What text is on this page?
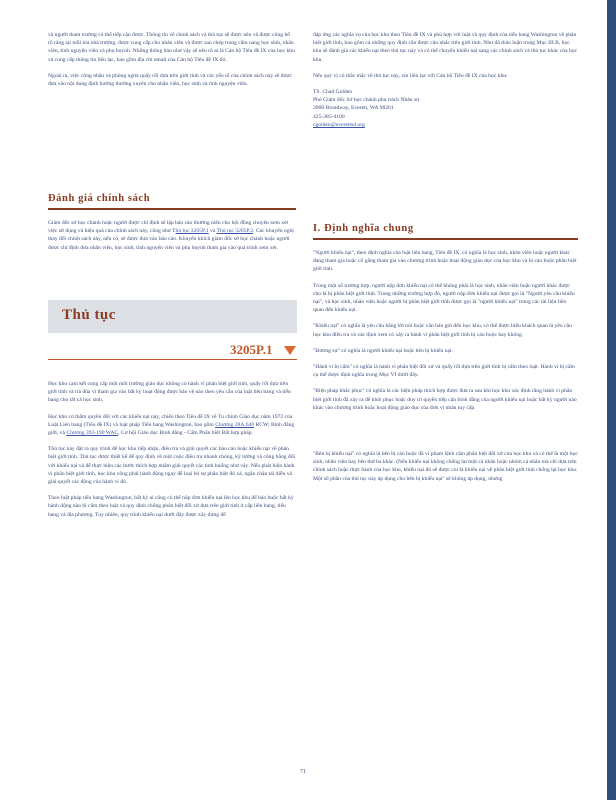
và người tham trường có thể tiếp cận được. Thông tin về chính sách và thủ tục sẽ được nêu và được công bố rõ ràng tại mỗi tòa nhà trường, được cung cấp cho nhân viên và được sao chép trong cẩm nang học sinh, nhân viên, tình nguyện viên và phụ huynh. Những thông báo như vậy sẽ nêu rõ ai là Cán bộ Tiêu đề IX của học khu và cung cấp thông tin liên lạc, bao gồm địa chỉ email của Cán bộ Tiêu đề IX đó.

Ngoài ra, việc công nhân và phòng ngừa quấy rối dựa trên giới tính và các yếu tố của chính sách này sẽ được đưa vào nội dung định hướng thường xuyên cho nhân viên, học sinh và tình nguyện viên.

Đánh giá chính sách

Giám đốc sở học chánh hoặc người được chỉ định sẽ lập báo cáo thường niên cho hội đồng chuyên xem xét việc sử dụng và hiệu quả của chính sách này, cũng như Thủ tục 3205P.1 và Thủ tục 3205P.2. Các khuyến nghị thay đổi chính sách này, nếu có, sẽ được đưa vào báo cáo. Khuyến khích giám đốc sở học chánh hoặc người được chỉ định đưa nhân viên, học sinh, tình nguyện viên và phụ huynh tham gia vào quá trình xem xét.

Thủ tục
3205P.1

Học khu cam kết cung cấp một môi trường giáo dục không có hành vi phân biệt giới tính, quấy rối dựa trên giới tính và trả đũa vì tham gia vào bất kỳ hoạt động được bảo vệ nào theo yêu cầu của luật liên bang và tiểu bang cho tất cả học sinh.

Học khu có thẩm quyền đối với các khiếu nại này, chiếu theo Tiêu đề IX về Tu chính Giáo dục năm 1972 của Luật Liên bang (Tiêu đề IX) và luật pháp Tiểu bang Washington, bao gồm Chương 28A.640 RCW; Bình đẳng giới, và Chương 392-190 WAC, Cơ hội Giáo dục Bình đẳng - Cấm Phân biệt Bất hợp pháp.

Thủ tục này đặt ra quy trình để học khu tiếp nhận, điều tra và giải quyết các báo cáo hoặc khiếu nại về phân biệt giới tính. Thủ tục được thiết kế để quy định về một cuộc điều tra nhanh chóng, kỹ lưỡng và công bằng đối với khiếu nại và để thực hiện các bước thích hợp nhằm giải quyết các tình huống như vậy. Nếu phát hiện hành vi phân biệt giới tính, học khu công phải hành động ngay để loại bỏ sự phân biệt đó xả, ngăn chặn tái diễn và giải quyết các động của hành vi đó.

Theo luật pháp tiểu bang Washington, bất kỳ ai cũng có thể nộp đơn khiếu nại lên học khu để báo buộc bất kỳ hành động nào bị cấm theo luật và quy định chống phân biệt đối xử dựa trên giới tính ở cấp liên bang, tiểu bang và địa phương. Tuy nhiên, quy trình khiếu nại dưới đây được xây dựng để

đáp ứng các nghĩa vụ của học khu theo Tiêu đề IX và phù hợp với luật và quy định của tiểu bang Washington về phân biệt giới tính, bao gồm cả những quy định cần được cân nhắc trên giới tính. Như đã thảo luận trong Mục III.B, học khu sẽ đánh giá các khiếu nại theo thủ tục này và có thể chuyển khiếu nại sang các chính sách và thủ tục khác của học khu.

Nếu quý vị có thắc mắc về thủ tục này, xin liên lạc với Cán bộ Tiêu đề IX của học khu:

TS. Chad Golden

Phó Giám đốc Sở học chánh phụ trách Nhân sự

3900 Broadway, Everett, WA 98201

425-385-4100

cgolden@everettsd.org

I. Định nghĩa chung

"Người khiếu nại", theo định nghĩa của luật liên bang, Tiêu đề IX, có nghĩa là học sinh, nhân viên hoặc người khác đang tham gia hoặc cố gắng tham gia vào chương trình hoặc hoạt động giáo dục của học khu và bị cáo buộc phân biệt giới tính.

Trong một số trường hợp, người nộp đơn khiếu nại có thể không phải là học sinh, nhân viên hoặc người khác được cho là bị phân biệt giới tính. Trong những trường hợp đó, người nộp đơn khiếu nại được gọi là "Người yêu cầu khiếu nại", và học sinh, nhân viên hoặc người bị phân biệt giới tính được gọi là "người khiếu nại" trong các tài liệu liên quan đến khiếu nại.

"Khiếu nại" có nghĩa là yêu cầu bằng lời nói hoặc văn bản gửi đến học khu, có thể được hiểu khách quan là yêu cầu học khu điều tra và xác định xem có xảy ra hành vi phân biệt giới tính bị cáo buộc hay không.

"Đương sự" có nghĩa là người khiếu nại hoặc bên bị khiếu nại.

"Hành vi bị cấm" có nghĩa là hành vi phân biệt đối xử và quấy rối dựa trên giới tính bị cấm theo luật. Hành vi bị cấm cụ thể được định nghĩa trong Mục VI dưới đây.

"Biện pháp khắc phục" có nghĩa là các biện pháp thích hợp được đưa ra sau khi học khu xác định rằng hành vi phân biệt giới tính đã xảy ra để khôi phục hoặc duy trì quyền tiếp cận bình đẳng của người khiếu nại hoặc bất kỳ người nào khác vào chương trình hoặc hoạt động giáo dục của đơn vị nhân tuy cấp.

"Bên bị khiếu nại" có nghĩa là bên bị cáo buộc đã vi phạm lệnh cấm phân biệt đối xử của học khu và có thể là một học sinh, nhân viên hay bên thứ ba khác. (Nếu khiếu nại không chống lại một cá nhân hoặc nhóm cá nhân mà chỉ dựa trên chính sách hoặc thực hành của học khu, khiếu nại đó sẽ được coi là khiếu nại về phân biệt giới tính chống lại học khu. Một số phần của thủ tục này áp dụng cho bên bị khiếu nại" sẽ không áp dụng, nhưng

71
